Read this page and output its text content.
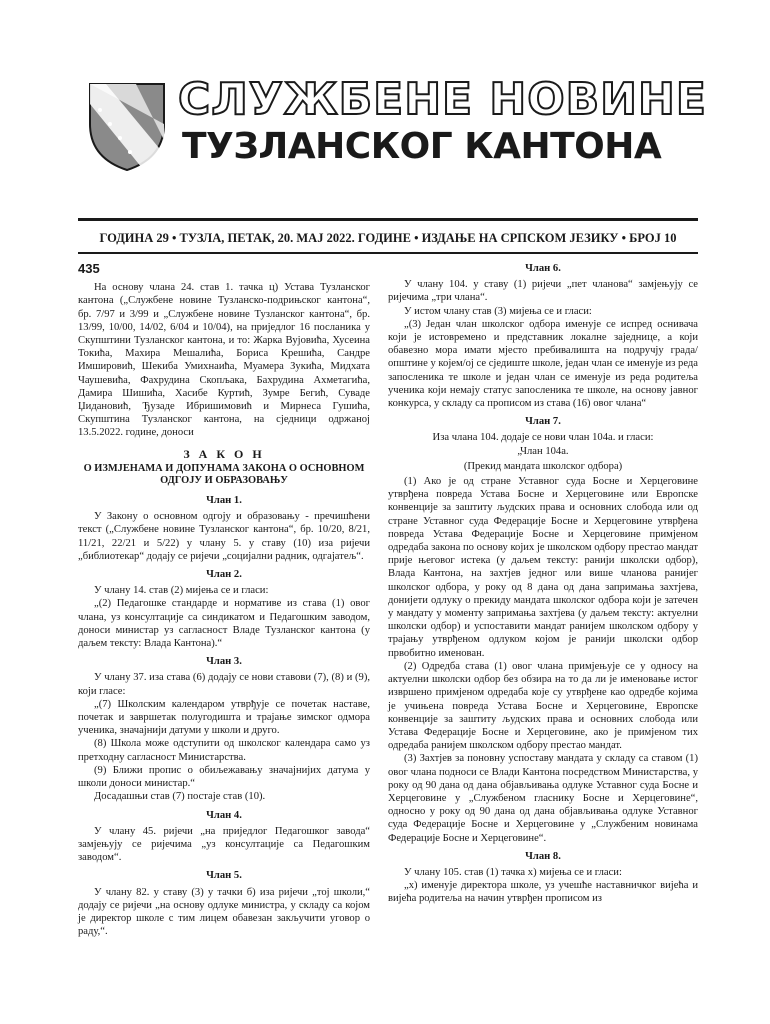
СЛУЖБЕНЕ НОВИНЕ
ТУЗЛАНСКОГ КАНТОНА
ГОДИНА 29 • ТУЗЛА, ПЕТАК, 20. МАЈ 2022. ГОДИНЕ • ИЗДАЊЕ НА СРПСКОМ ЈЕЗИКУ • БРОЈ 10
435

На основу члана 24. став 1. тачка ц) Устава Тузланског кантона („Службене новине Тузланско-подрињског кантона“, бр. 7/97 и 3/99 и „Службене новине Тузланског кантона“, бр. 13/99, 10/00, 14/02, 6/04 и 10/04), на приједлог 16 посланика у Скупштини Тузланског кантона, и то: Жарка Вујовића, Хусеина Токића, Махира Мешалића, Бориса Крешића, Сандре Имшировић, Шекиба Умихнаића, Муамера Зукића, Мидхата Чаушевића, Фахрудина Скопљака, Бахрудина Ахметагића, Дамира Шишића, Хасибе Куртић, Зумре Бегић, Суваде Џидановић, Ђузаде Ибришимовић и Мирнеса Гушића, Скупштина Тузланског кантона, на сједници одржаној 13.5.2022. године, доноси

З А К О Н
О ИЗМЈЕНАМА И ДОПУНАМА ЗАКОНА О ОСНОВНОМ ОДГОЈУ И ОБРАЗОВАЊУ
Члан 1.

У Закону о основном одгоју и образовању - пречишћени текст („Службене новине Тузланског кантона“, бр. 10/20, 8/21, 11/21, 22/21 и 5/22) у члану 5. у ставу (10) иза ријечи „библиотекар“ додају се ријечи „социјални радник, одгајатељ“.

Члан 2.

У члану 14. став (2) мијења се и гласи:

„(2) Педагошке стандарде и нормативе из става (1) овог члана, уз консултације са синдикатом и Педагошким заводом, доноси министар уз сагласност Владе Тузланског кантона (у даљем тексту: Влада Кантона).“

Члан 3.

У члану 37. иза става (6) додају се нови ставови (7), (8) и (9), који гласе:

„(7) Школским календаром утврђује се почетак наставе, почетак и завршетак полугодишта и трајање зимског одмора ученика, значајнији датуми у школи и друго.

(8) Школа може одступити од школског календара само уз претходну сагласност Министарства.

(9) Ближи пропис о обиљежавању значајнијих датума у школи доноси министар.“

Досадашњи став (7) постаје став (10).

Члан 4.

У члану 45. ријечи „на приједлог Педагошког завода“ замјењују се ријечима „уз консултације са Педагошким заводом“.

Члан 5.

У члану 82. у ставу (3) у тачки б) иза ријечи „тој школи,“ додају се ријечи „на основу одлуке министра, у складу са којом је директор школе с тим лицем обавезан закључити уговор о раду,“.

Члан 6.

У члану 104. у ставу (1) ријечи „пет чланова“ замјењују се ријечима „три члана“.

У истом члану став (3) мијења се и гласи:

„(3) Један члан школског одбора именује се испред оснивача који је истовремено и представник локалне заједнице, а који обавезно мора имати мјесто пребивалишта на подручју града/општине у којем/ој се сједиште школе, један члан се именује из реда запосленика те школе и један члан се именује из реда родитеља ученика који немају статус запосленика те школе, на основу јавног конкурса, у складу са прописом из става (16) овог члана“

Члан 7.

Иза члана 104. додаје се нови члан 104а. и гласи:

„Члан 104а.

(Прекид мандата школског одбора)

(1) Ако је од стране Уставног суда Босне и Херцеговине утврђена повреда Устава Босне и Херцеговине или Европске конвенције за заштиту људских права и основних слобода или од стране Уставног суда Федерације Босне и Херцеговине утврђена повреда Устава Федерације Босне и Херцеговине примјеном одредаба закона по основу којих је школском одбору престао мандат прије његовог истека (у даљем тексту: ранији школски одбор), Влада Кантона, на захтјев једног или више чланова ранијег школског одбора, у року од 8 дана од дана запримања захтјева, донијети одлуку о прекиду мандата школског одбора који је затечен у мандату у моменту запримања захтјева (у даљем тексту: актуелни школски одбор) и успоставити мандат ранијем школском одбору у трајању утврђеном одлуком којом је ранији школски одбор првобитно именован.

(2) Одредба става (1) овог члана примјењује се у односу на актуелни школски одбор без обзира на то да ли је именовање истог извршено примјеном одредаба које су утврђене као одредбе којима је учињена повреда Устава Босне и Херцеговине, Европске конвенције за заштиту људских права и основних слобода или Устава Федерације Босне и Херцеговине, ако је примјеном тих одредаба ранијем школском одбору престао мандат.

(3) Захтјев за поновну успоставу мандата у складу са ставом (1) овог члана подноси се Влади Кантона посредством Министарства, у року од 90 дана од дана објављивања одлуке Уставног суда Босне и Херцеговине у „Службеном гласнику Босне и Херцеговине“, односно у року од 90 дана од дана објављивања одлуке Уставног суда Федерације Босне и Херцеговине у „Службеним новинама Федерације Босне и Херцеговине“.

Члан 8.

У члану 105. став (1) тачка х) мијења се и гласи:

„х) именује директора школе, уз учешће наставничког вијећа и вијећа родитеља на начин утврђен прописом из
